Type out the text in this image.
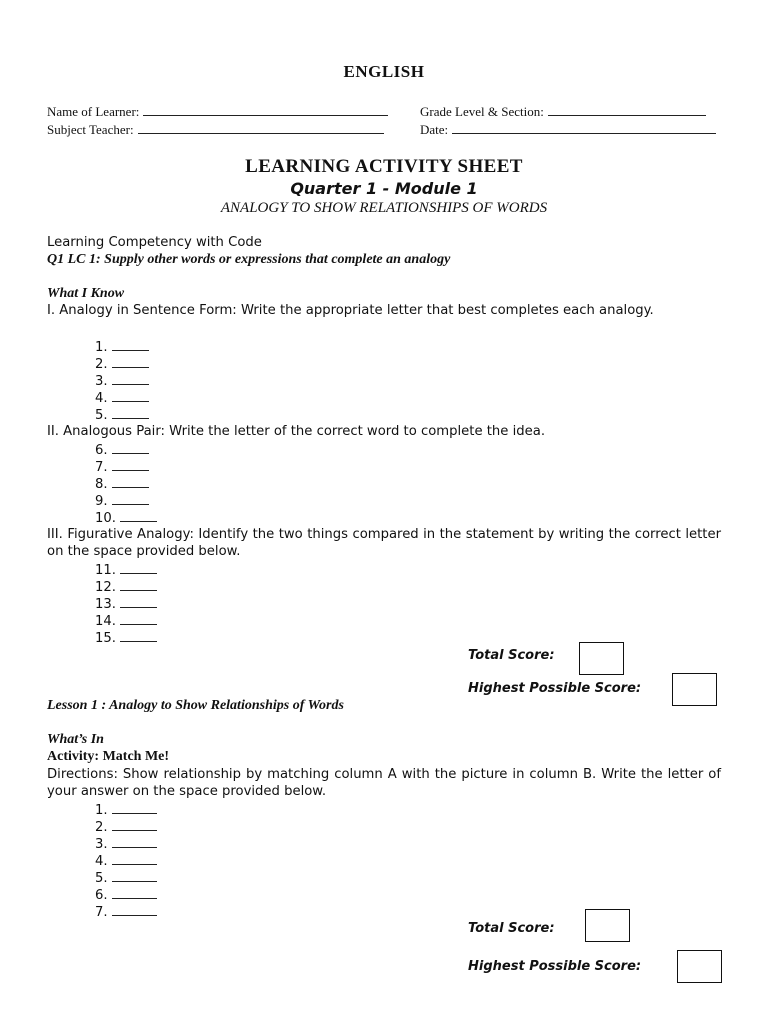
ENGLISH
Name of Learner:	Grade Level & Section:
Subject Teacher:	Date:
LEARNING ACTIVITY SHEET
Quarter 1 - Module 1
ANALOGY TO SHOW RELATIONSHIPS OF WORDS
Learning Competency with Code
Q1 LC 1: Supply other words or expressions that complete an analogy
What I Know
I. Analogy in Sentence Form: Write the appropriate letter that best completes each analogy.
1.
2.
3.
4.
5.
II. Analogous Pair: Write the letter of the correct word to complete the idea.
6.
7.
8.
9.
10.
III. Figurative Analogy: Identify the two things compared in the statement by writing the correct letter on the space provided below.
11.
12.
13.
14.
15.
Total Score:
Highest Possible Score:
Lesson 1 : Analogy to Show Relationships of Words
What’s In
Activity: Match Me!
Directions: Show relationship by matching column A with the picture in column B. Write the letter of your answer on the space provided below.
1.
2.
3.
4.
5.
6.
7.
Total Score:
Highest Possible Score:
